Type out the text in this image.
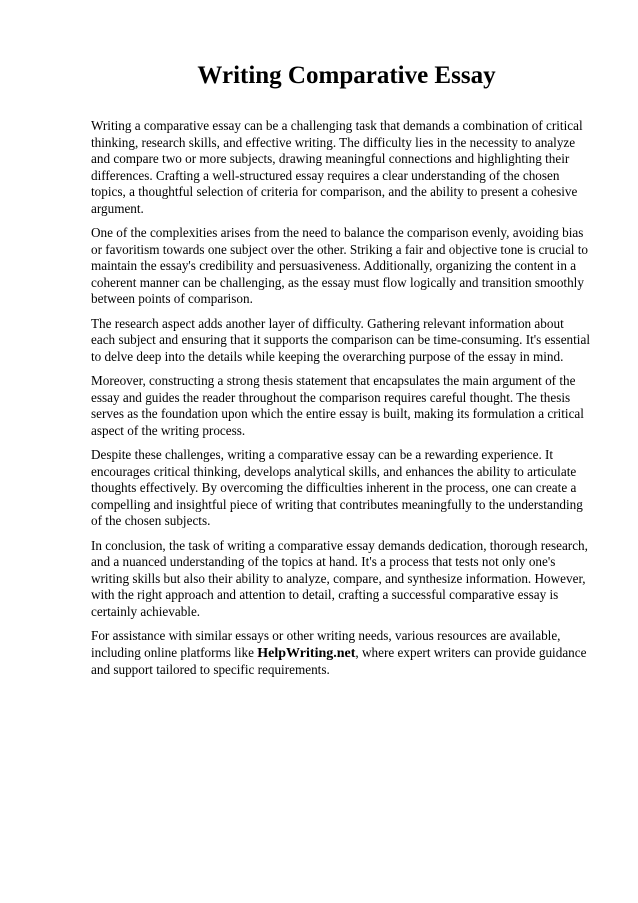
Writing Comparative Essay

Writing a comparative essay can be a challenging task that demands a combination of critical thinking, research skills, and effective writing. The difficulty lies in the necessity to analyze and compare two or more subjects, drawing meaningful connections and highlighting their differences. Crafting a well-structured essay requires a clear understanding of the chosen topics, a thoughtful selection of criteria for comparison, and the ability to present a cohesive argument.

One of the complexities arises from the need to balance the comparison evenly, avoiding bias or favoritism towards one subject over the other. Striking a fair and objective tone is crucial to maintain the essay's credibility and persuasiveness. Additionally, organizing the content in a coherent manner can be challenging, as the essay must flow logically and transition smoothly between points of comparison.

The research aspect adds another layer of difficulty. Gathering relevant information about each subject and ensuring that it supports the comparison can be time-consuming. It's essential to delve deep into the details while keeping the overarching purpose of the essay in mind.

Moreover, constructing a strong thesis statement that encapsulates the main argument of the essay and guides the reader throughout the comparison requires careful thought. The thesis serves as the foundation upon which the entire essay is built, making its formulation a critical aspect of the writing process.

Despite these challenges, writing a comparative essay can be a rewarding experience. It encourages critical thinking, develops analytical skills, and enhances the ability to articulate thoughts effectively. By overcoming the difficulties inherent in the process, one can create a compelling and insightful piece of writing that contributes meaningfully to the understanding of the chosen subjects.

In conclusion, the task of writing a comparative essay demands dedication, thorough research, and a nuanced understanding of the topics at hand. It's a process that tests not only one's writing skills but also their ability to analyze, compare, and synthesize information. However, with the right approach and attention to detail, crafting a successful comparative essay is certainly achievable.

For assistance with similar essays or other writing needs, various resources are available, including online platforms like HelpWriting.net, where expert writers can provide guidance and support tailored to specific requirements.
